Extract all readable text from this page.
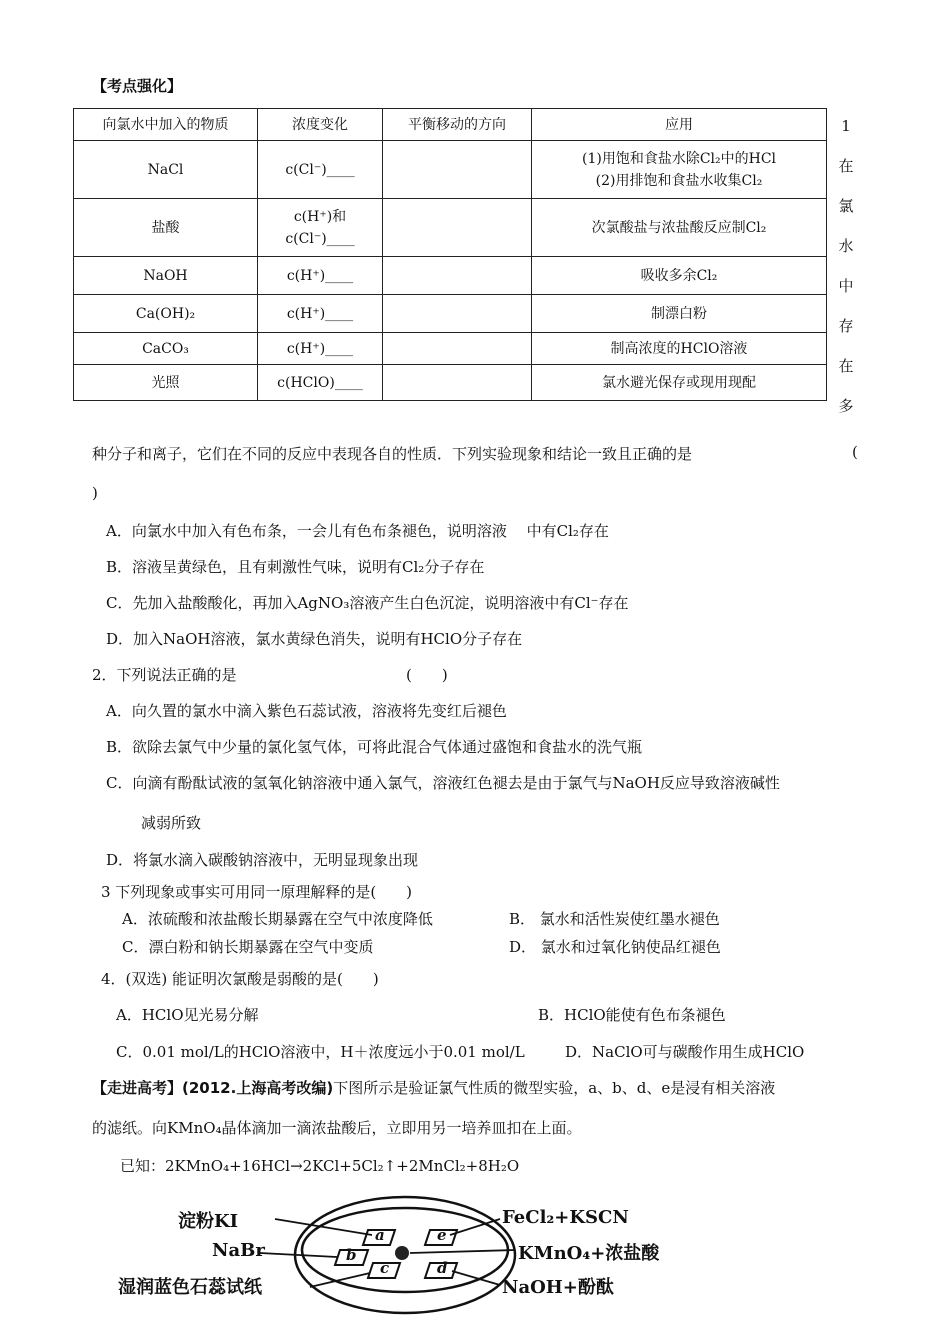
【考点强化】
向氯水中加入的物质	浓度变化	平衡移动的方向	应用
NaCl	c(Cl⁻)____		(1)用饱和食盐水除Cl₂中的HCl
(2)用排饱和食盐水收集Cl₂

盐酸	c(H⁺)和
c(Cl⁻)____		次氯酸盐与浓盐酸反应制Cl₂
NaOH	c(H⁺)____		吸收多余Cl₂
Ca(OH)₂	c(H⁺)____		制漂白粉
CaCO₃	c(H⁺)____		制高浓度的HClO溶液
光照	c(HClO)____		氯水避光保存或现用现配
1
在
氯
水
中
存
在
多
种分子和离子，它们在不同的反应中表现各自的性质．下列实验现象和结论一致且正确的是	(
)
A．向氯水中加入有色布条，一会儿有色布条褪色，说明溶液　 中有Cl₂存在
B．溶液呈黄绿色，且有刺激性气味，说明有Cl₂分子存在
C．先加入盐酸酸化，再加入AgNO₃溶液产生白色沉淀，说明溶液中有Cl⁻存在
D．加入NaOH溶液，氯水黄绿色消失，说明有HClO分子存在
2．下列说法正确的是	(　　)
A．向久置的氯水中滴入紫色石蕊试液，溶液将先变红后褪色
B．欲除去氯气中少量的氯化氢气体，可将此混合气体通过盛饱和食盐水的洗气瓶
C．向滴有酚酞试液的氢氧化钠溶液中通入氯气，溶液红色褪去是由于氯气与NaOH反应导致溶液碱性
减弱所致
D．将氯水滴入碳酸钠溶液中，无明显现象出现
3 下列现象或事实可用同一原理解释的是(　　)
A．浓硫酸和浓盐酸长期暴露在空气中浓度降低	B． 氯水和活性炭使红墨水褪色
C．漂白粉和钠长期暴露在空气中变质	D． 氯水和过氧化钠使品红褪色
4．(双选) 能证明次氯酸是弱酸的是(　　)
A．HClO见光易分解	B．HClO能使有色布条褪色
C．0.01 mol/L的HClO溶液中，H＋浓度远小于0.01 mol/L	D．NaClO可与碳酸作用生成HClO
【走进高考】(2012.上海高考改编)下图所示是验证氯气性质的微型实验，a、b、d、e是浸有相关溶液
的滤纸。向KMnO₄晶体滴加一滴浓盐酸后，立即用另一培养皿扣在上面。
已知：2KMnO₄+16HCl→2KCl+5Cl₂↑+2MnCl₂+8H₂O
a
b
c	d
e
淀粉KI
NaBr
湿润蓝色石蕊试纸
FeCl₂+KSCN
KMnO₄+浓盐酸
NaOH+酚酞
